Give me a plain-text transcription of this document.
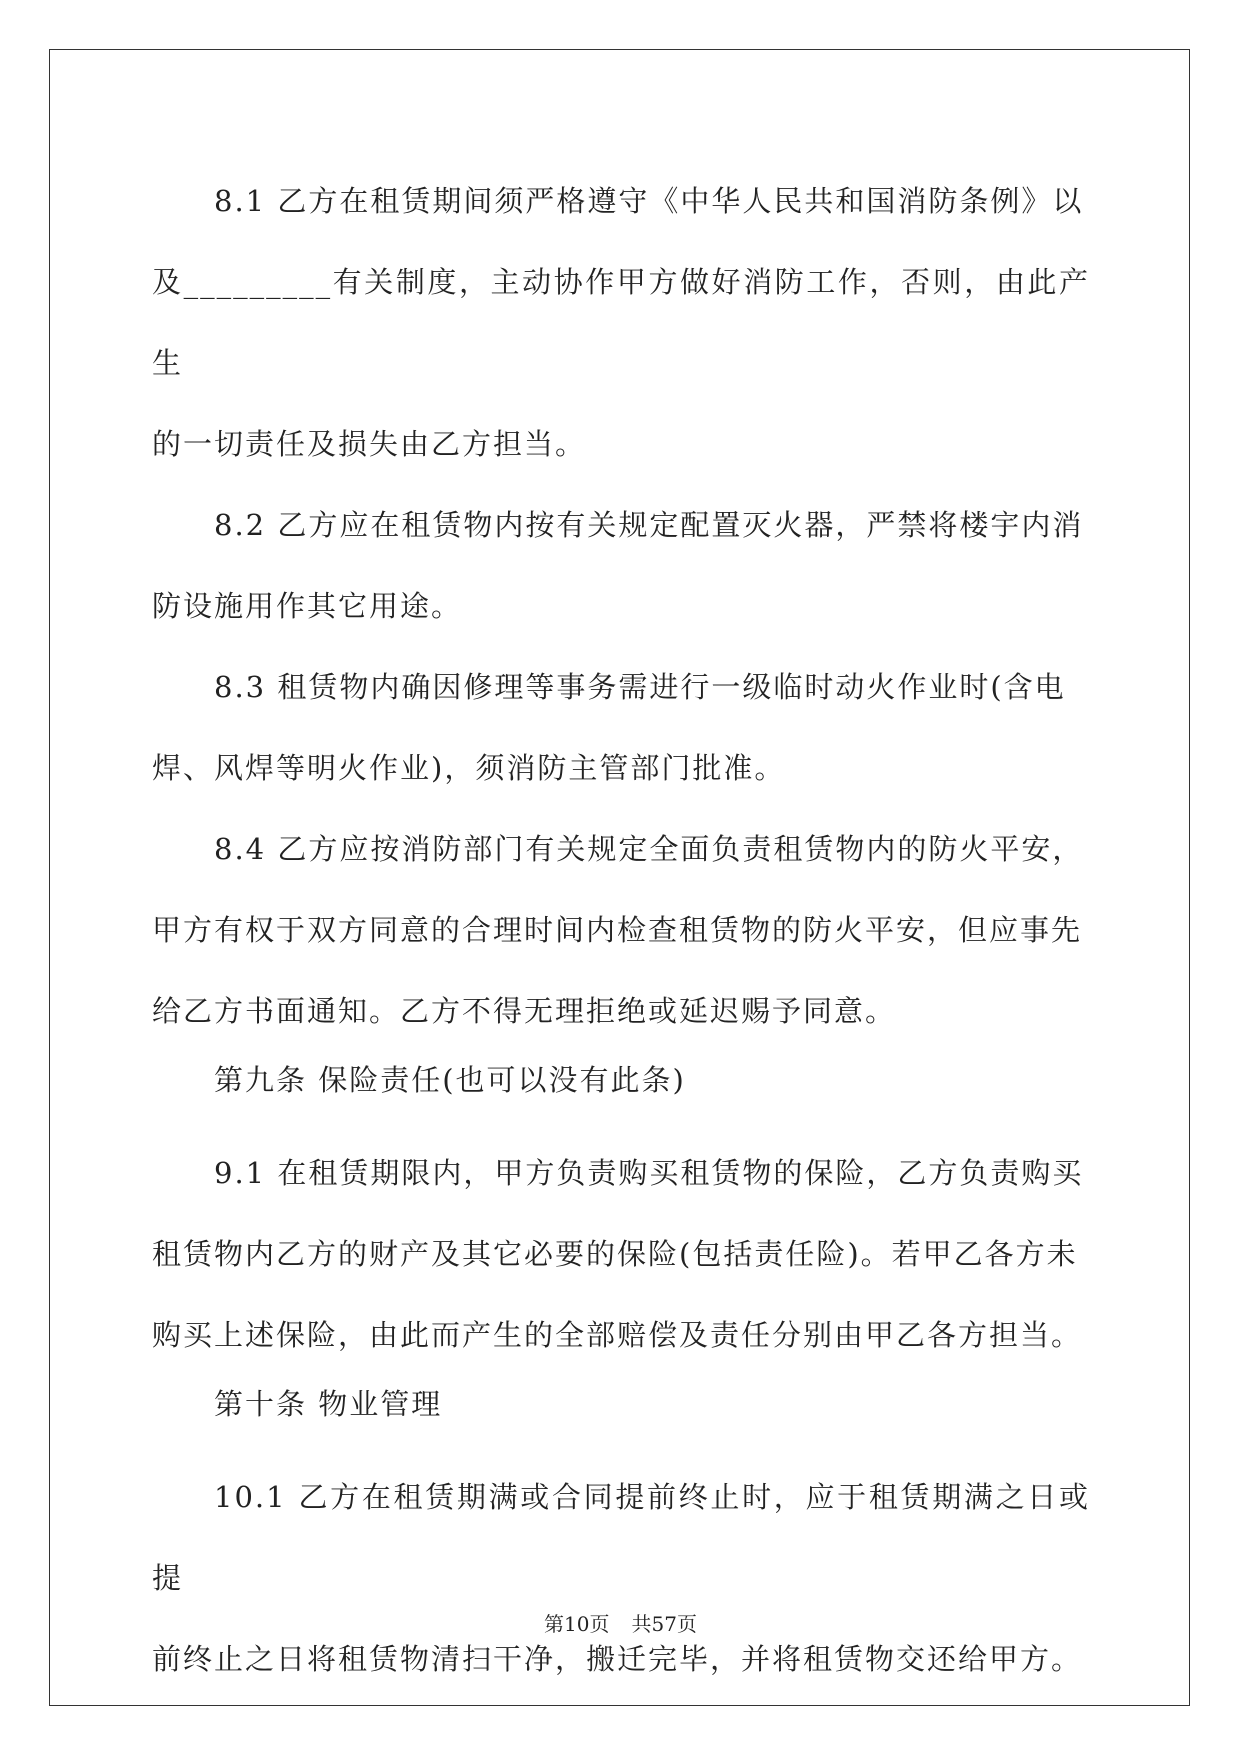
8.1 乙方在租赁期间须严格遵守《中华人民共和国消防条例》以
及_________有关制度，主动协作甲方做好消防工作，否则，由此产生
的一切责任及损失由乙方担当。
8.2 乙方应在租赁物内按有关规定配置灭火器，严禁将楼宇内消
防设施用作其它用途。
8.3 租赁物内确因修理等事务需进行一级临时动火作业时(含电
焊、风焊等明火作业)，须消防主管部门批准。
8.4 乙方应按消防部门有关规定全面负责租赁物内的防火平安，
甲方有权于双方同意的合理时间内检查租赁物的防火平安，但应事先
给乙方书面通知。乙方不得无理拒绝或延迟赐予同意。
第九条 保险责任(也可以没有此条)
9.1 在租赁期限内，甲方负责购买租赁物的保险，乙方负责购买
租赁物内乙方的财产及其它必要的保险(包括责任险)。若甲乙各方未
购买上述保险，由此而产生的全部赔偿及责任分别由甲乙各方担当。
第十条 物业管理
10.1 乙方在租赁期满或合同提前终止时，应于租赁期满之日或提
前终止之日将租赁物清扫干净，搬迁完毕，并将租赁物交还给甲方。
第10页 共57页
